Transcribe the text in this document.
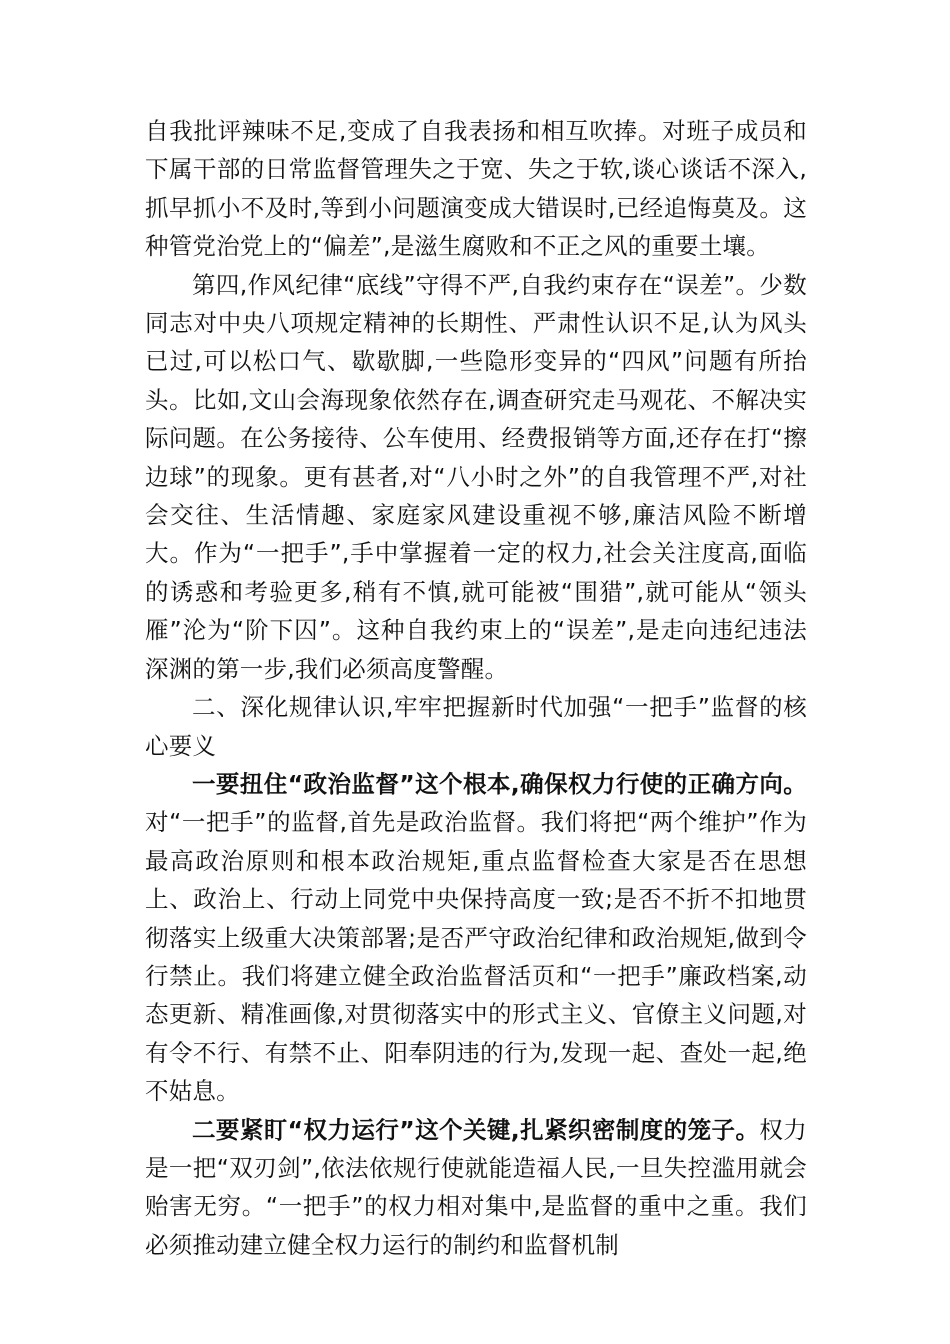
自我批评辣味不足,变成了自我表扬和相互吹捧。对班子成员和下属干部的日常监督管理失之于宽、失之于软,谈心谈话不深入,抓早抓小不及时,等到小问题演变成大错误时,已经追悔莫及。这种管党治党上的“偏差”,是滋生腐败和不正之风的重要土壤。

第四,作风纪律“底线”守得不严,自我约束存在“误差”。少数同志对中央八项规定精神的长期性、严肃性认识不足,认为风头已过,可以松口气、歇歇脚,一些隐形变异的“四风”问题有所抬头。比如,文山会海现象依然存在,调查研究走马观花、不解决实际问题。在公务接待、公车使用、经费报销等方面,还存在打“擦边球”的现象。更有甚者,对“八小时之外”的自我管理不严,对社会交往、生活情趣、家庭家风建设重视不够,廉洁风险不断增大。作为“一把手”,手中掌握着一定的权力,社会关注度高,面临的诱惑和考验更多,稍有不慎,就可能被“围猎”,就可能从“领头雁”沦为“阶下囚”。这种自我约束上的“误差”,是走向违纪违法深渊的第一步,我们必须高度警醒。

二、深化规律认识,牢牢把握新时代加强“一把手”监督的核心要义

一要扭住“政治监督”这个根本,确保权力行使的正确方向。对“一把手”的监督,首先是政治监督。我们将把“两个维护”作为最高政治原则和根本政治规矩,重点监督检查大家是否在思想上、政治上、行动上同党中央保持高度一致;是否不折不扣地贯彻落实上级重大决策部署;是否严守政治纪律和政治规矩,做到令行禁止。我们将建立健全政治监督活页和“一把手”廉政档案,动态更新、精准画像,对贯彻落实中的形式主义、官僚主义问题,对有令不行、有禁不止、阳奉阴违的行为,发现一起、查处一起,绝不姑息。

二要紧盯“权力运行”这个关键,扎紧织密制度的笼子。权力是一把“双刃剑”,依法依规行使就能造福人民,一旦失控滥用就会贻害无穷。“一把手”的权力相对集中,是监督的重中之重。我们必须推动建立健全权力运行的制约和监督机制
